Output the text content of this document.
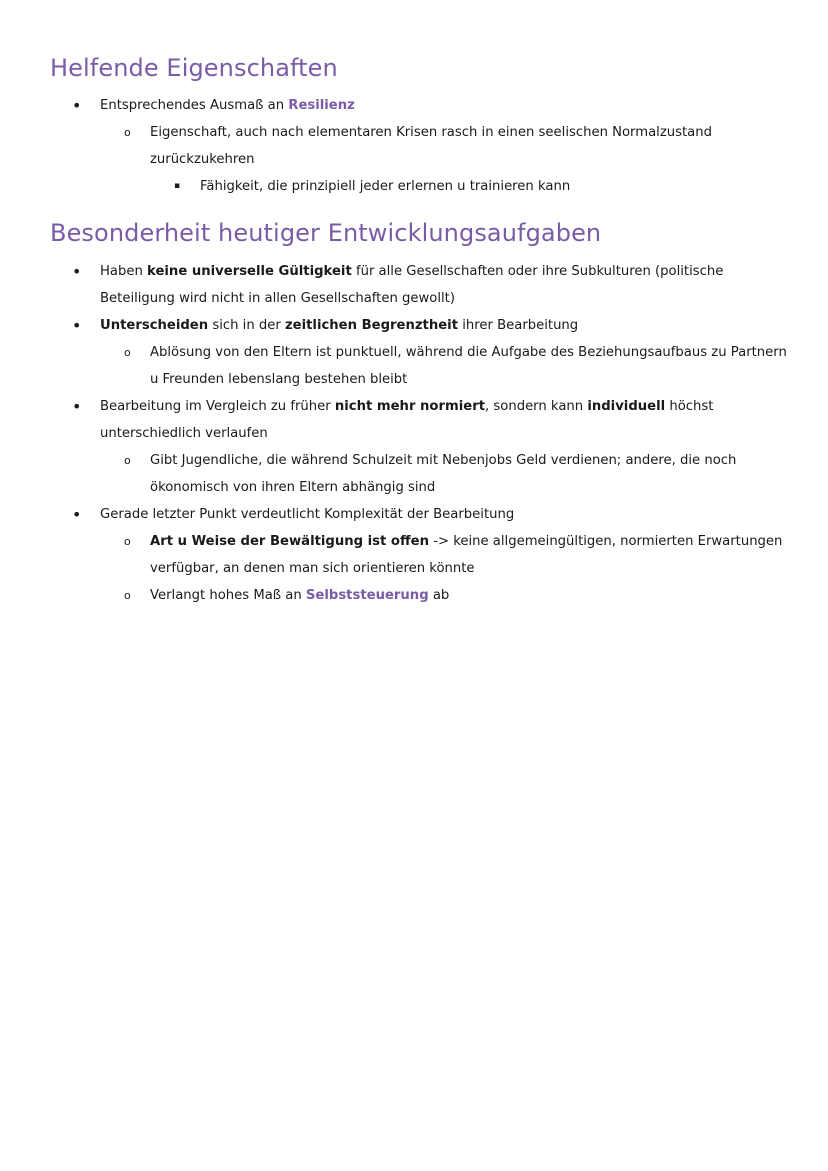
Helfende Eigenschaften
• Entsprechendes Ausmaß an Resilienz
o Eigenschaft, auch nach elementaren Krisen rasch in einen seelischen Normalzustand zurückzukehren
▪ Fähigkeit, die prinzipiell jeder erlernen u trainieren kann
Besonderheit heutiger Entwicklungsaufgaben
• Haben keine universelle Gültigkeit für alle Gesellschaften oder ihre Subkulturen (politische Beteiligung wird nicht in allen Gesellschaften gewollt)
• Unterscheiden sich in der zeitlichen Begrenztheit ihrer Bearbeitung
o Ablösung von den Eltern ist punktuell, während die Aufgabe des Beziehungsaufbaus zu Partnern u Freunden lebenslang bestehen bleibt
• Bearbeitung im Vergleich zu früher nicht mehr normiert, sondern kann individuell höchst unterschiedlich verlaufen
o Gibt Jugendliche, die während Schulzeit mit Nebenjobs Geld verdienen; andere, die noch ökonomisch von ihren Eltern abhängig sind
• Gerade letzter Punkt verdeutlicht Komplexität der Bearbeitung
o Art u Weise der Bewältigung ist offen -> keine allgemeingültigen, normierten Erwartungen verfügbar, an denen man sich orientieren könnte
o Verlangt hohes Maß an Selbststeuerung ab
